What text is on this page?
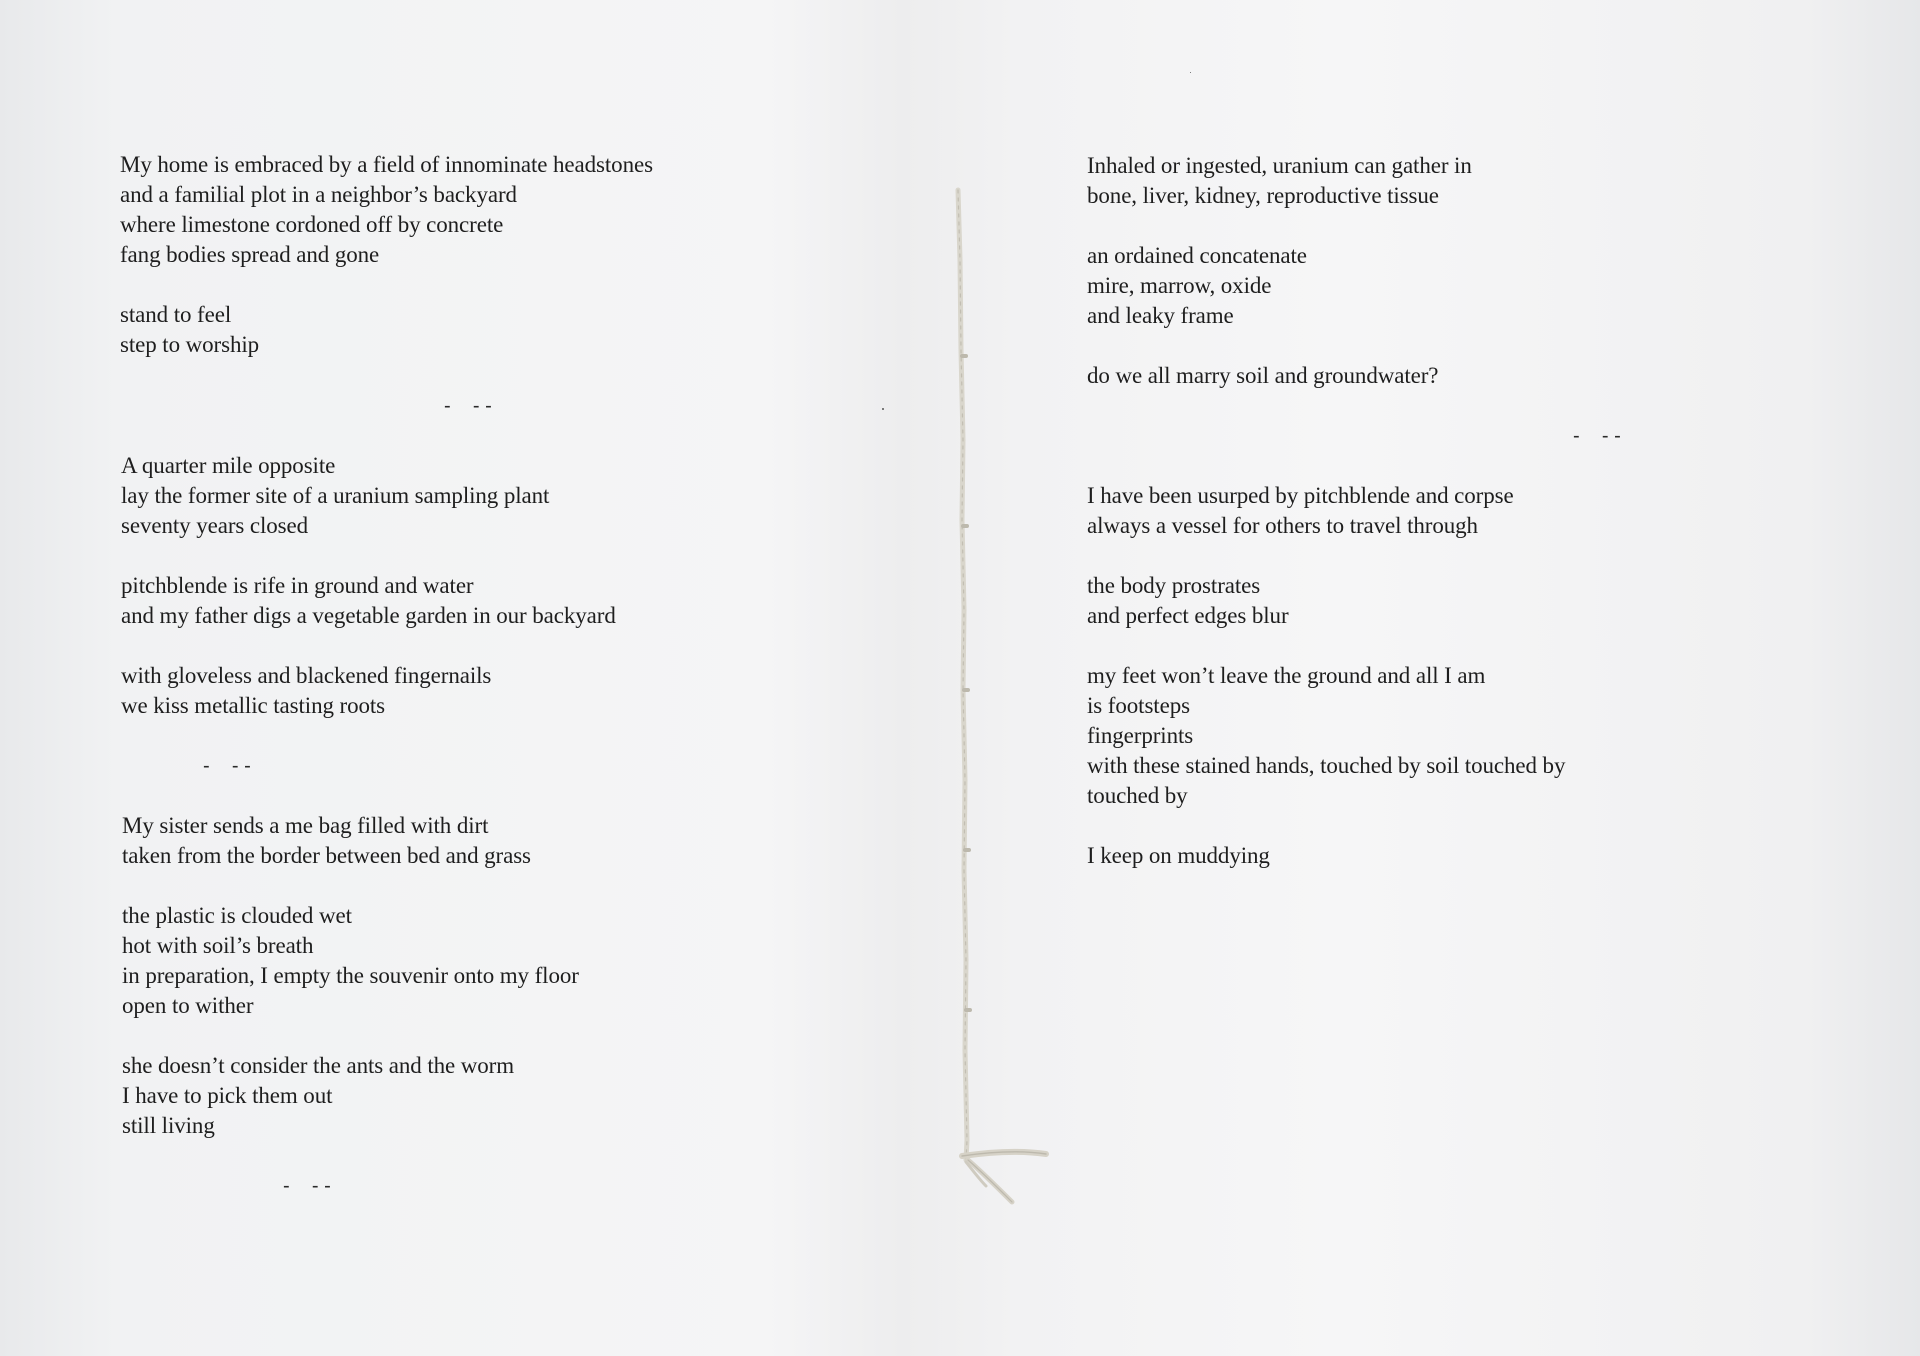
My home is embraced by a field of innominate headstones
and a familial plot in a neighbor’s backyard
where limestone cordoned off by concrete
fang bodies spread and gone
stand to feel
step to worship
-    - -
A quarter mile opposite
lay the former site of a uranium sampling plant
seventy years closed
pitchblende is rife in ground and water
and my father digs a vegetable garden in our backyard
with gloveless and blackened fingernails
we kiss metallic tasting roots
-    - -
My sister sends a me bag filled with dirt
taken from the border between bed and grass
the plastic is clouded wet
hot with soil’s breath
in preparation, I empty the souvenir onto my floor
open to wither
she doesn’t consider the ants and the worm
I have to pick them out
still living
-    - -
Inhaled or ingested, uranium can gather in
bone, liver, kidney, reproductive tissue
an ordained concatenate
mire, marrow, oxide
and leaky frame
do we all marry soil and groundwater?
-    - -
I have been usurped by pitchblende and corpse
always a vessel for others to travel through
the body prostrates
and perfect edges blur
my feet won’t leave the ground and all I am
is footsteps
fingerprints
with these stained hands, touched by soil touched by
touched by
I keep on muddying
